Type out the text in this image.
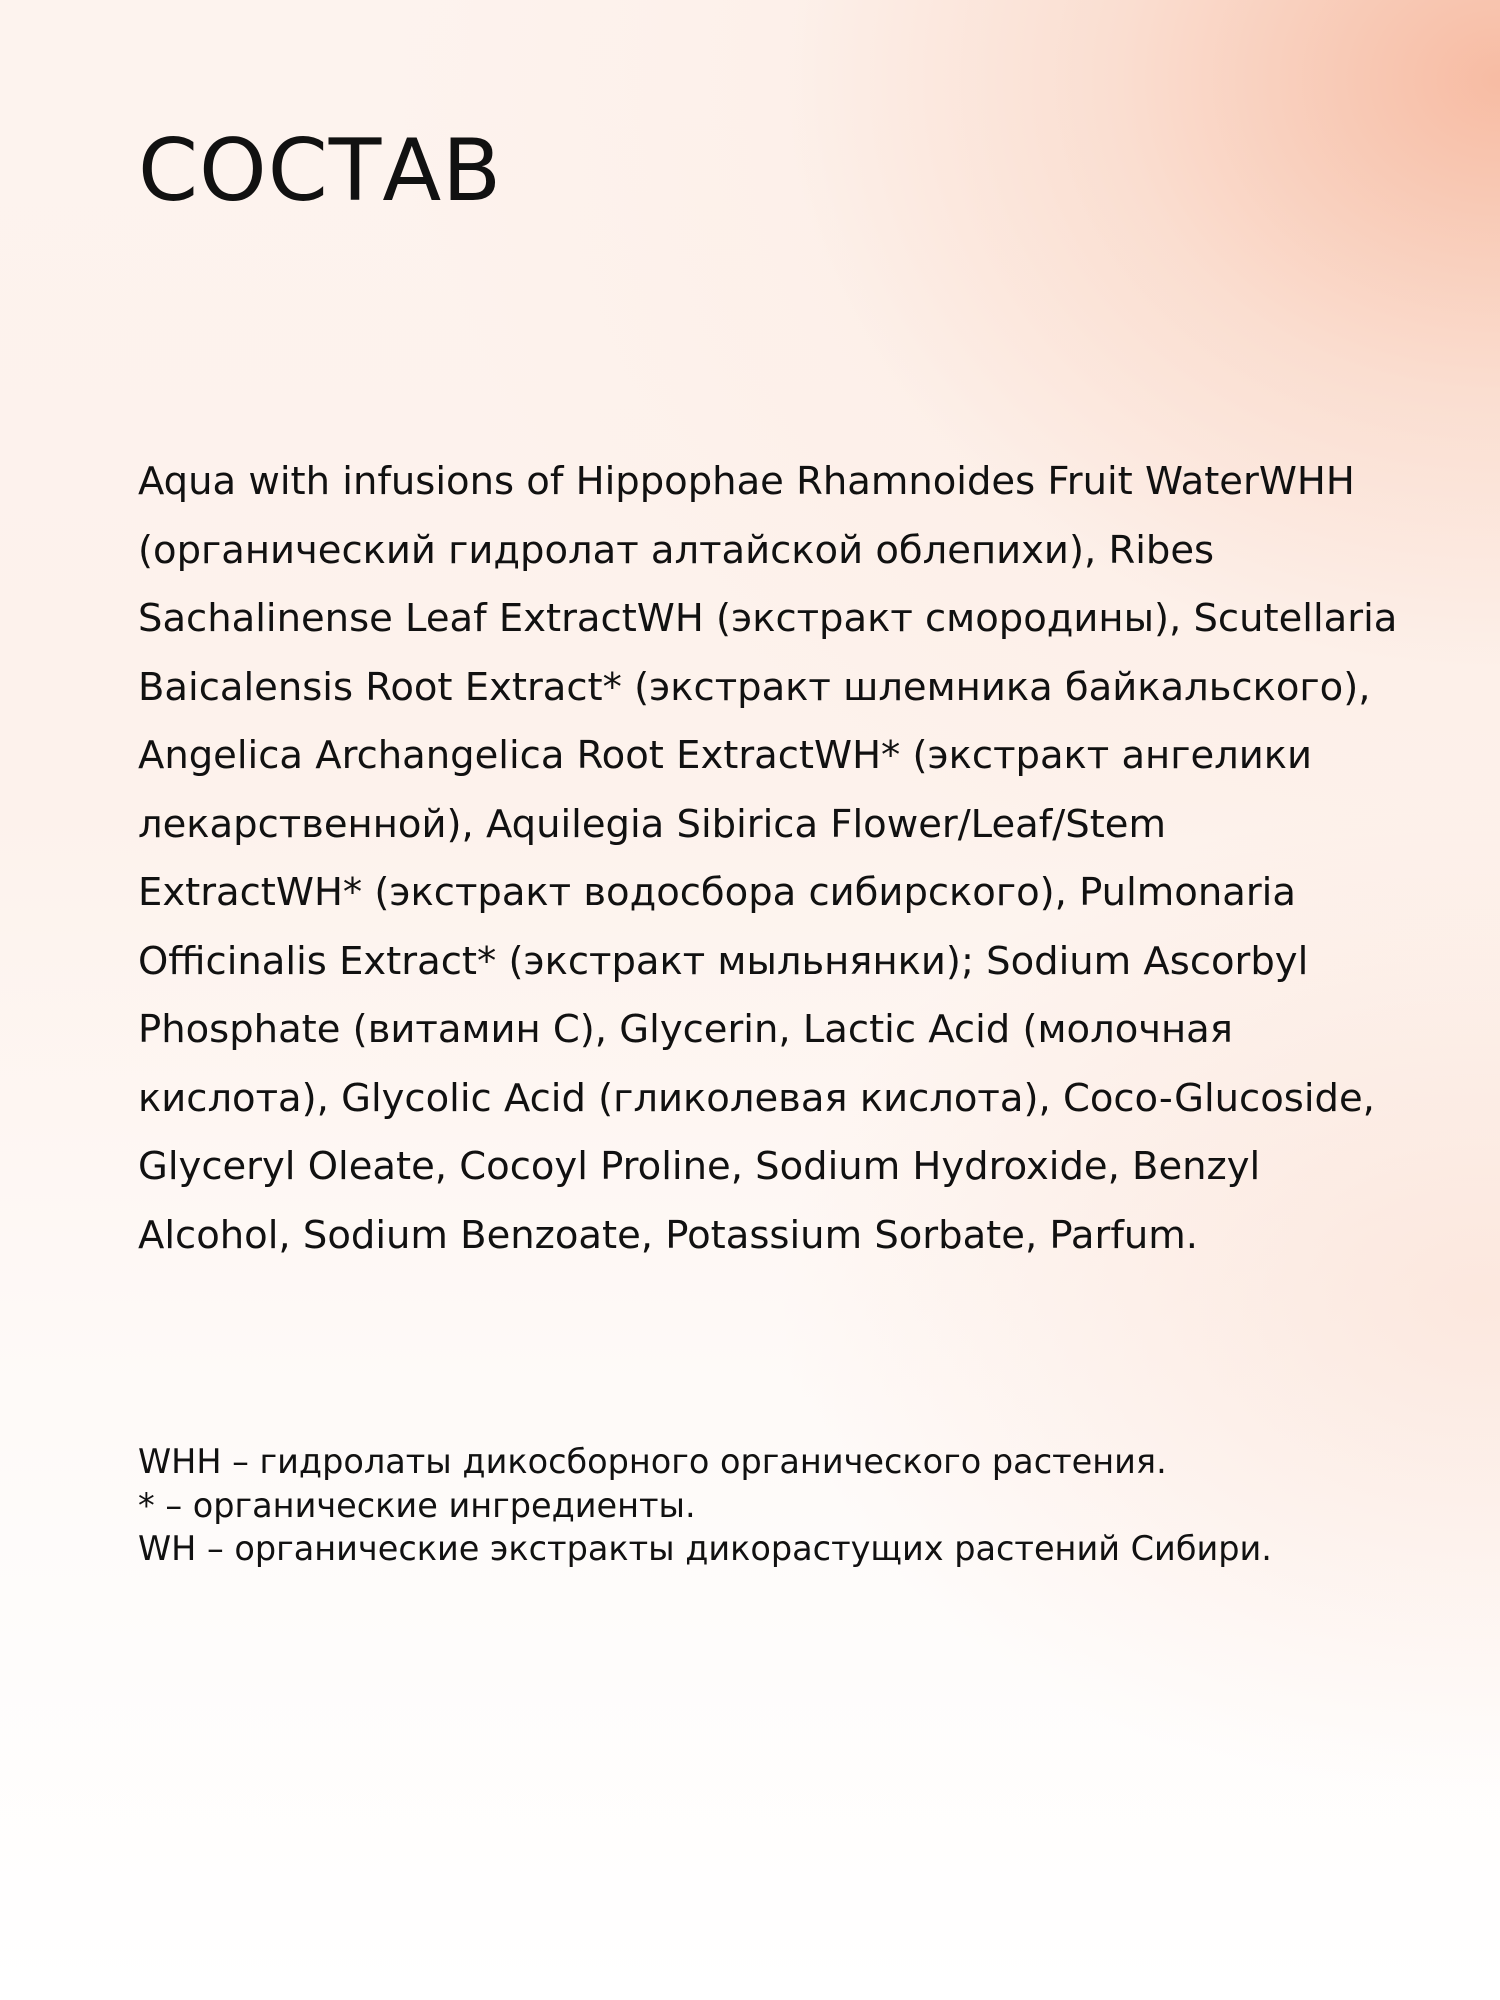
СОСТАВ

Aqua with infusions of Hippophae Rhamnoides Fruit WaterWHH (органический гидролат алтайской облепихи), Ribes Sachalinense Leaf ExtractWH (экстракт смородины), Scutellaria Baicalensis Root Extract* (экстракт шлемника байкальского), Angelica Archangelica Root ExtractWH* (экстракт ангелики лекарственной), Aquilegia Sibirica Flower/Leaf/Stem ExtractWH* (экстракт водосбора сибирского), Pulmonaria Officinalis Extract* (экстракт мыльнянки); Sodium Ascorbyl Phosphate (витамин С), Glycerin, Lactic Acid (молочная кислота), Glycolic Acid (гликолевая кислота), Coco-Glucoside, Glyceryl Oleate, Cocoyl Proline, Sodium Hydroxide, Benzyl Alcohol, Sodium Benzoate, Potassium Sorbate, Parfum.

WHH – гидролаты дикосборного органического растения.
* – органические ингредиенты.
WH – органические экстракты дикорастущих растений Сибири.
